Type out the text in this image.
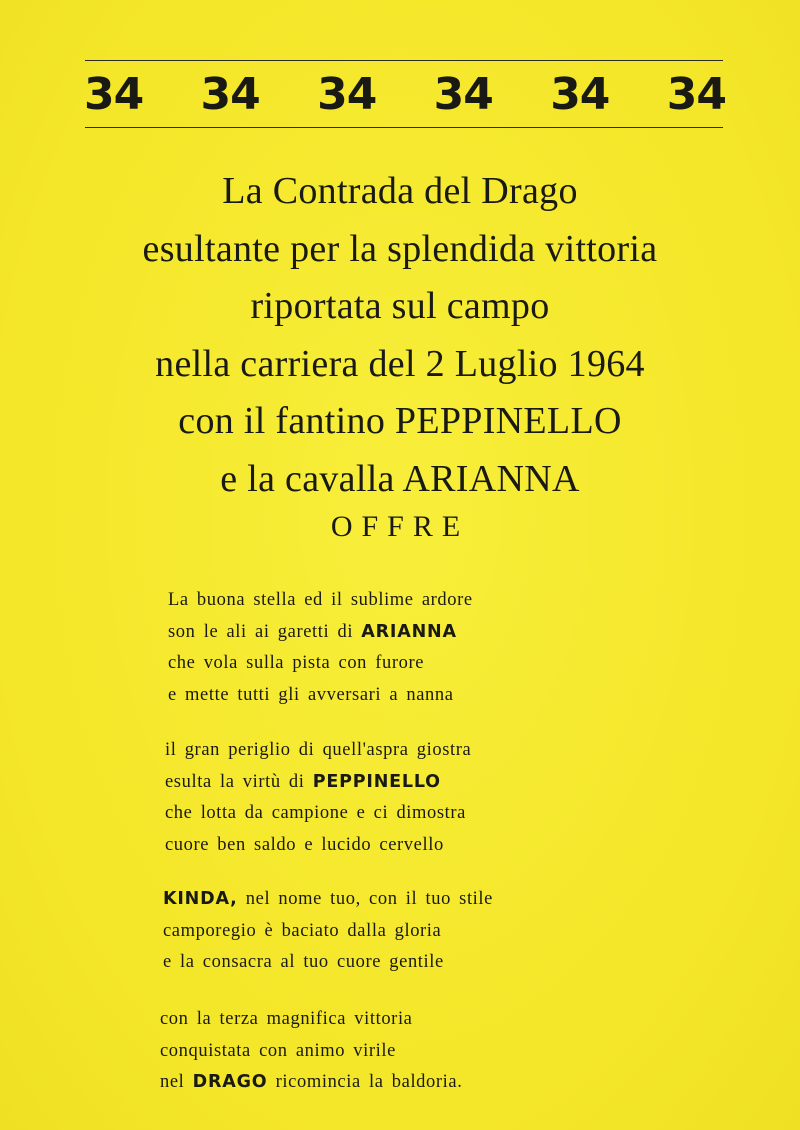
34	34	34	34	34	34
La Contrada del Drago
esultante per la splendida vittoria
riportata sul campo
nella carriera del 2 Luglio 1964
con il fantino PEPPINELLO
e la cavalla ARIANNA
OFFRE
La buona stella ed il sublime ardore
son le ali ai garetti di ARIANNA
che vola sulla pista con furore
e mette tutti gli avversari a nanna
il gran periglio di quell'aspra giostra
esulta la virtù di PEPPINELLO
che lotta da campione e ci dimostra
cuore ben saldo e lucido cervello
KINDA, nel nome tuo, con il tuo stile
camporegio è baciato dalla gloria
e la consacra al tuo cuore gentile
con la terza magnifica vittoria
conquistata con animo virile
nel DRAGO ricomincia la baldoria.
